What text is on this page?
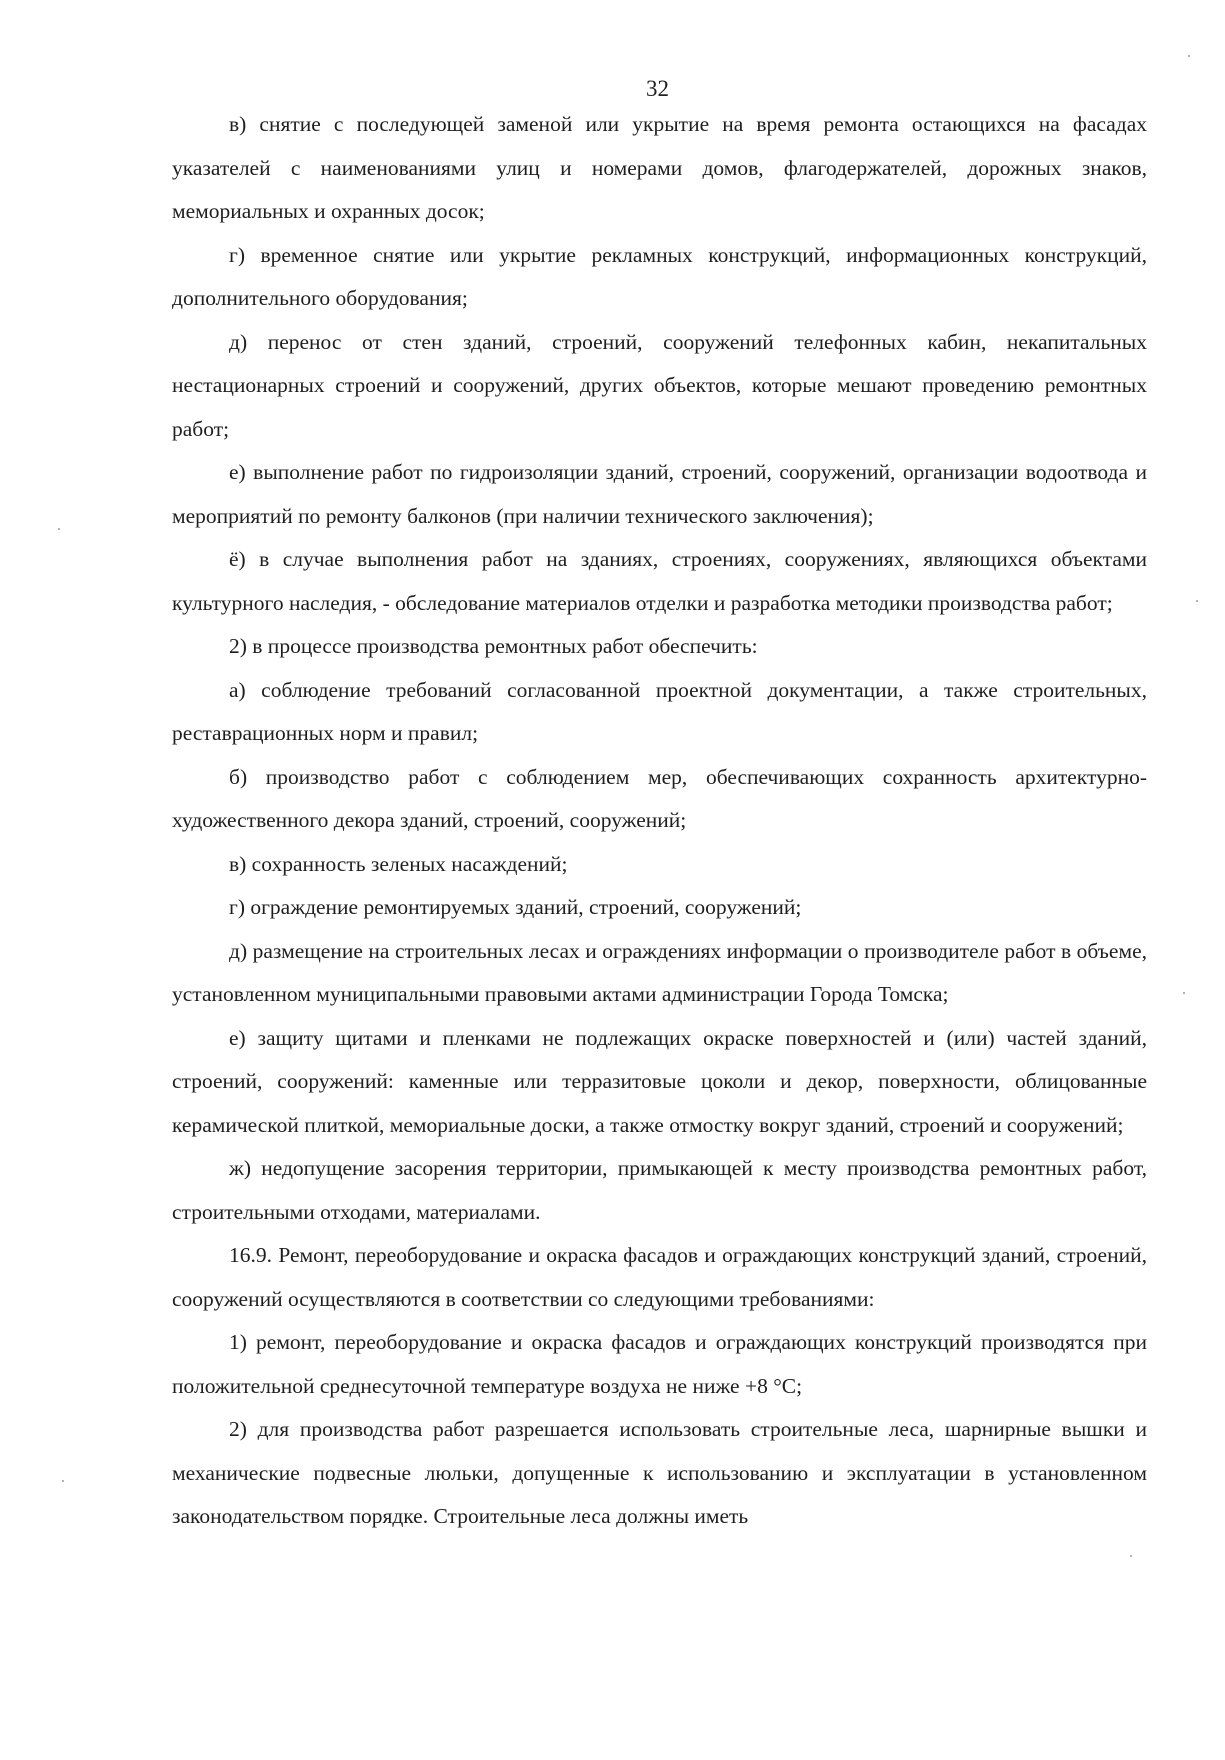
32

в) снятие с последующей заменой или укрытие на время ремонта остающихся на фасадах указателей с наименованиями улиц и номерами домов, флагодержателей, дорожных знаков, мемориальных и охранных досок;

г) временное снятие или укрытие рекламных конструкций, информационных конструкций, дополнительного оборудования;

д) перенос от стен зданий, строений, сооружений телефонных кабин, некапитальных нестационарных строений и сооружений, других объектов, которые мешают проведению ремонтных работ;

е) выполнение работ по гидроизоляции зданий, строений, сооружений, организации водоотвода и мероприятий по ремонту балконов (при наличии технического заключения);

ё) в случае выполнения работ на зданиях, строениях, сооружениях, являющихся объектами культурного наследия, - обследование материалов отделки и разработка методики производства работ;

2) в процессе производства ремонтных работ обеспечить:

а) соблюдение требований согласованной проектной документации, а также строительных, реставрационных норм и правил;

б) производство работ с соблюдением мер, обеспечивающих сохранность архитектурно-художественного декора зданий, строений, сооружений;

в) сохранность зеленых насаждений;

г) ограждение ремонтируемых зданий, строений, сооружений;

д) размещение на строительных лесах и ограждениях информации о производителе работ в объеме, установленном муниципальными правовыми актами администрации Города Томска;

е) защиту щитами и пленками не подлежащих окраске поверхностей и (или) частей зданий, строений, сооружений: каменные или терразитовые цоколи и декор, поверхности, облицованные керамической плиткой, мемориальные доски, а также отмостку вокруг зданий, строений и сооружений;

ж) недопущение засорения территории, примыкающей к месту производства ремонтных работ, строительными отходами, материалами.

16.9. Ремонт, переоборудование и окраска фасадов и ограждающих конструкций зданий, строений, сооружений осуществляются в соответствии со следующими требованиями:

1) ремонт, переоборудование и окраска фасадов и ограждающих конструкций производятся при положительной среднесуточной температуре воздуха не ниже +8 °С;

2) для производства работ разрешается использовать строительные леса, шарнирные вышки и механические подвесные люльки, допущенные к использованию и эксплуатации в установленном законодательством порядке. Строительные леса должны иметь
